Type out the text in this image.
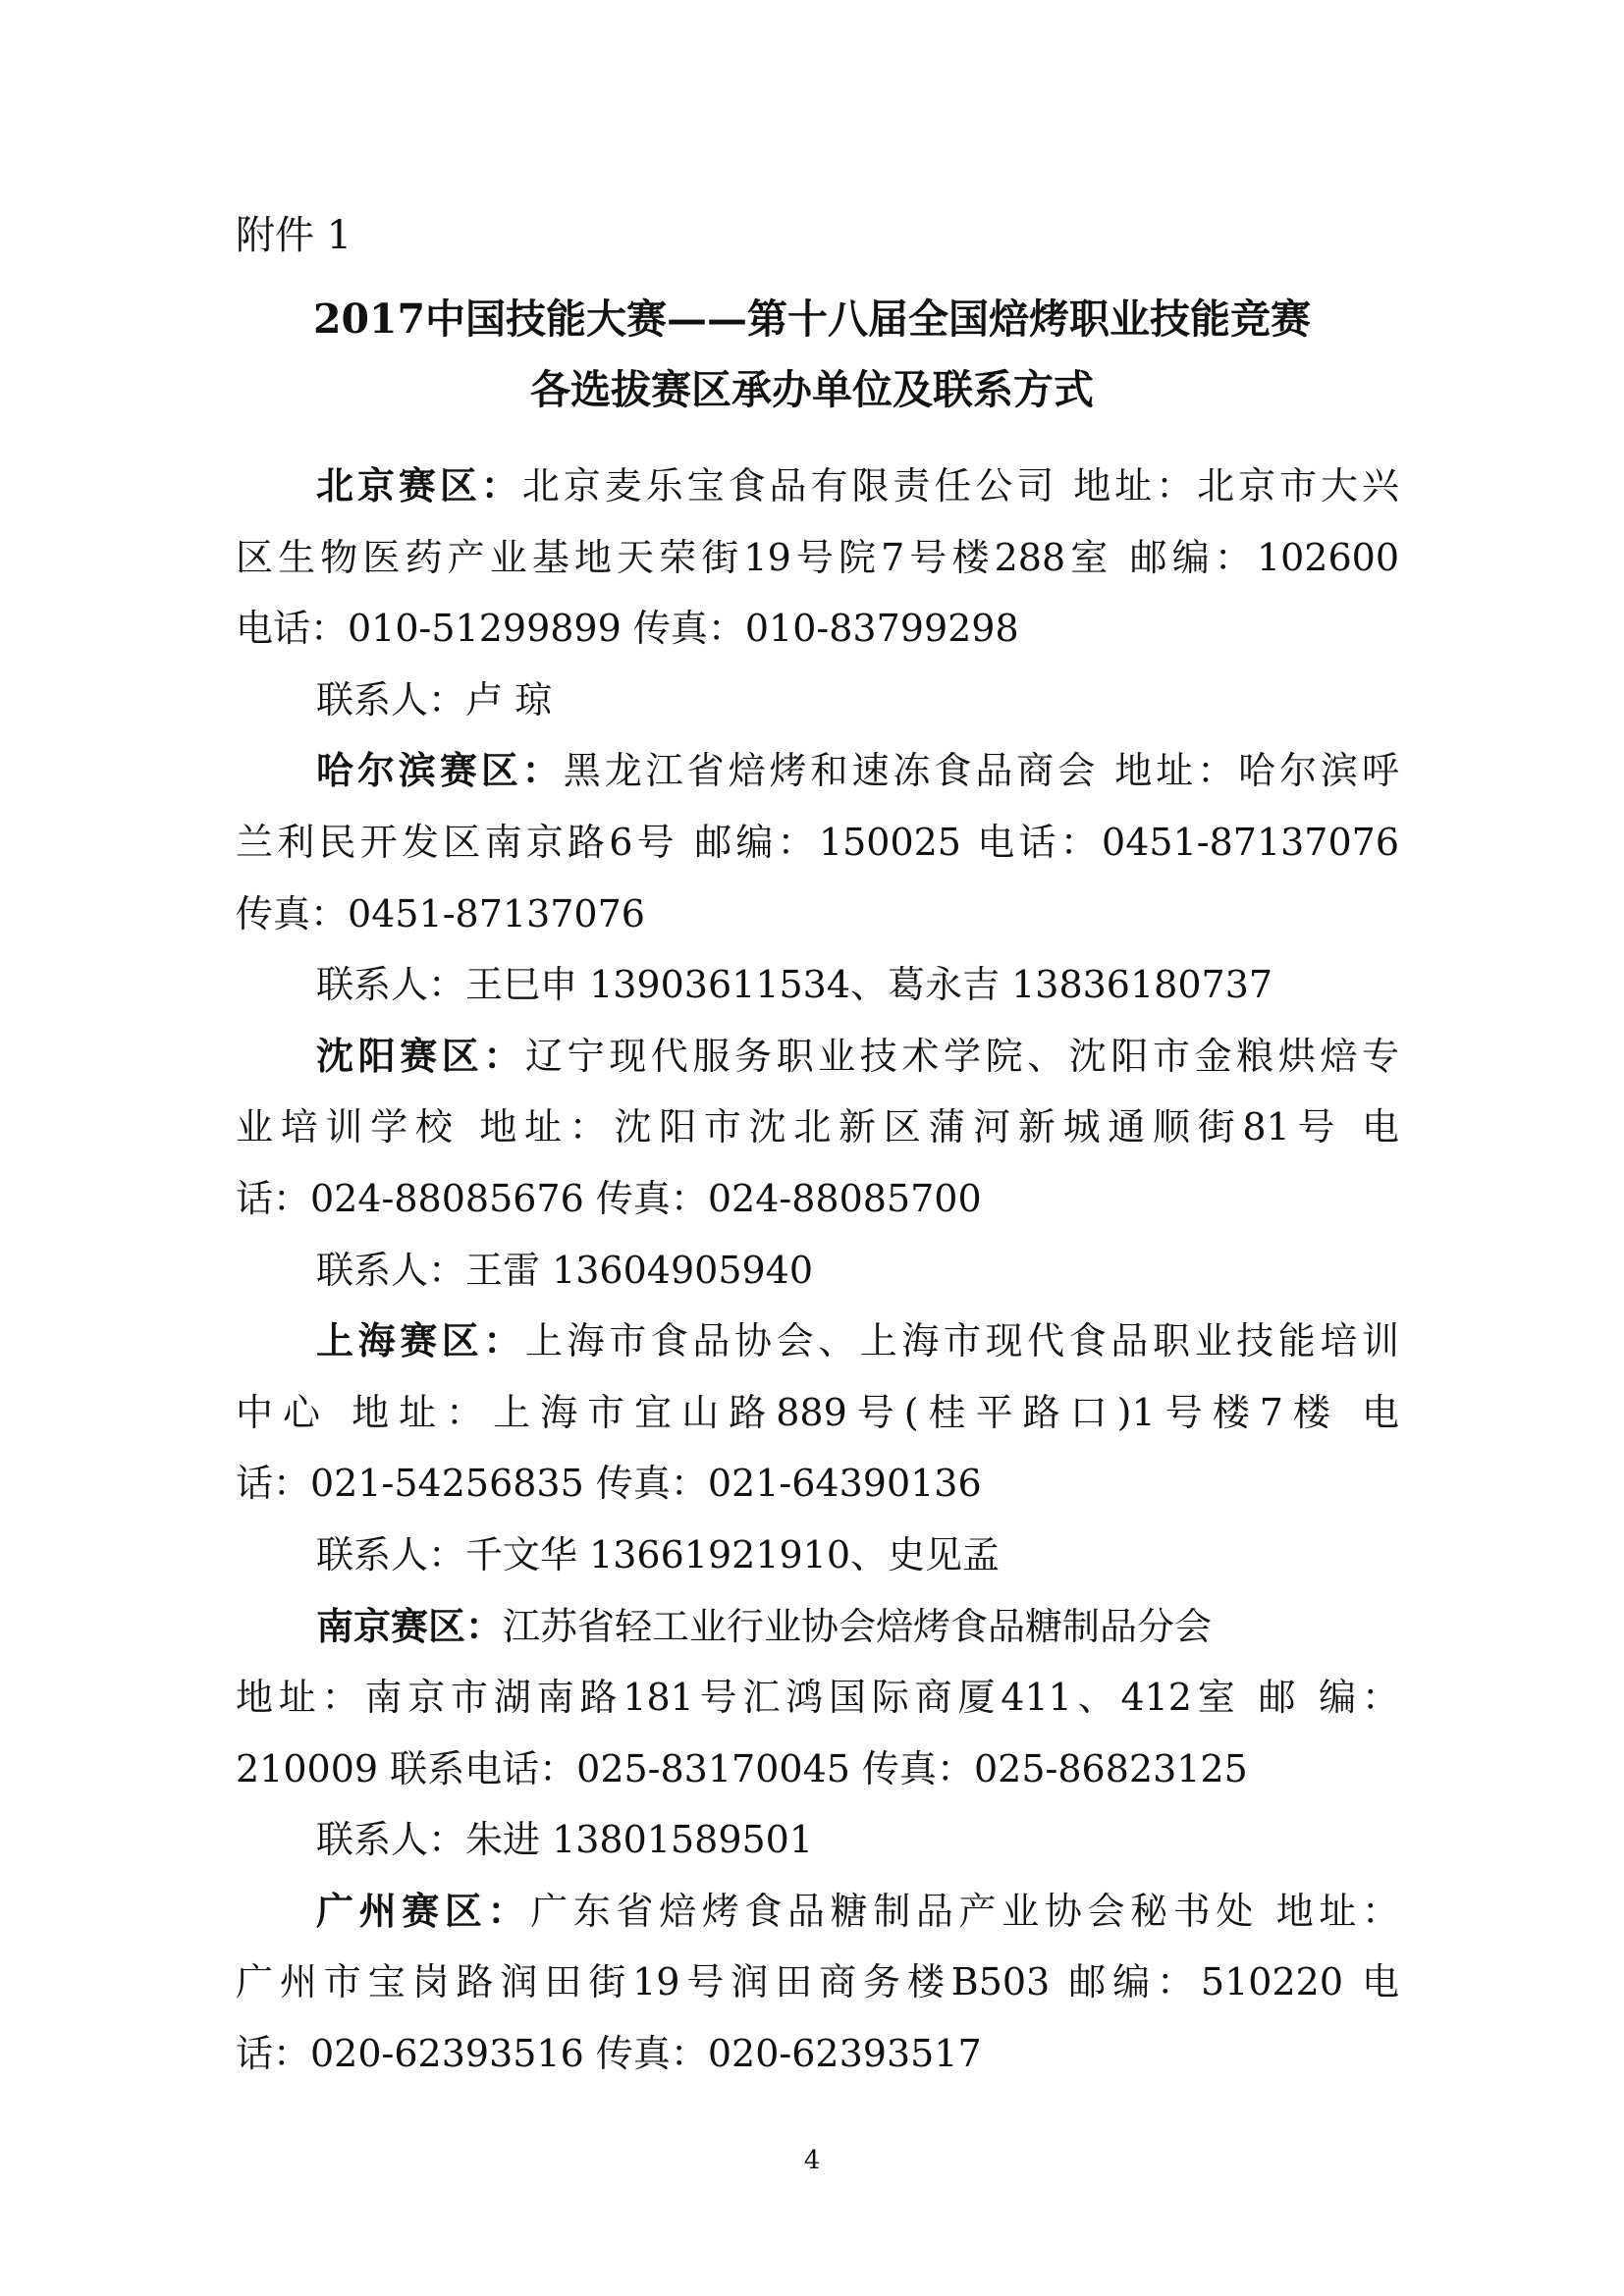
附件 1
2017中国技能大赛——第十八届全国焙烤职业技能竞赛
各选拔赛区承办单位及联系方式
北京赛区：北京麦乐宝食品有限责任公司 地址：北京市大兴
区生物医药产业基地天荣街19号院7号楼288室 邮编：102600
电话：010-51299899 传真：010-83799298
联系人：卢 琼
哈尔滨赛区：黑龙江省焙烤和速冻食品商会 地址：哈尔滨呼
兰利民开发区南京路6号 邮编：150025 电话：0451-87137076
传真：0451-87137076
联系人：王巳申 13903611534、葛永吉 13836180737
沈阳赛区：辽宁现代服务职业技术学院、沈阳市金粮烘焙专
业培训学校 地址：沈阳市沈北新区蒲河新城通顺街81号 电
话：024-88085676 传真：024-88085700
联系人：王雷 13604905940
上海赛区：上海市食品协会、上海市现代食品职业技能培训
中心 地址：上海市宜山路889号(桂平路口)1号楼7楼 电
话：021-54256835 传真：021-64390136
联系人：千文华 13661921910、史见孟
南京赛区：江苏省轻工业行业协会焙烤食品糖制品分会
地址：南京市湖南路181号汇鸿国际商厦411、412室 邮 编：
210009 联系电话：025-83170045 传真：025-86823125
联系人：朱进 13801589501
广州赛区：广东省焙烤食品糖制品产业协会秘书处 地址：
广州市宝岗路润田街19号润田商务楼B503 邮编：510220 电
话：020-62393516 传真：020-62393517
4
